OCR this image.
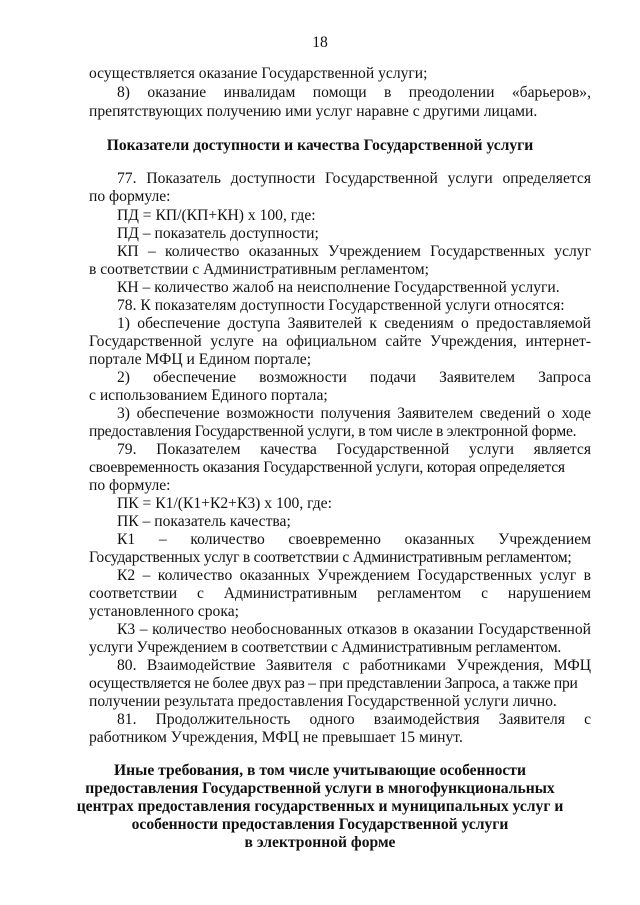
18
осуществляется оказание Государственной услуги;
8) оказание инвалидам помощи в преодолении «барьеров»,
препятствующих получению ими услуг наравне с другими лицами.
Показатели доступности и качества Государственной услуги
77. Показатель доступности Государственной услуги определяется
по формуле:
ПД = КП/(КП+КН) х 100, где:
ПД – показатель доступности;
КП – количество оказанных Учреждением Государственных услуг
в соответствии с Административным регламентом;
КН – количество жалоб на неисполнение Государственной услуги.
78. К показателям доступности Государственной услуги относятся:
1) обеспечение доступа Заявителей к сведениям о предоставляемой
Государственной услуге на официальном сайте Учреждения, интернет-
портале МФЦ и Едином портале;
2) обеспечение возможности подачи Заявителем Запроса
с использованием Единого портала;
3) обеспечение возможности получения Заявителем сведений о ходе
предоставления Государственной услуги, в том числе в электронной форме.
79. Показателем качества Государственной услуги является
своевременность оказания Государственной услуги, которая определяется
по формуле:
ПК = К1/(К1+К2+К3) х 100, где:
ПК – показатель качества;
К1 – количество своевременно оказанных Учреждением
Государственных услуг в соответствии с Административным регламентом;
К2 – количество оказанных Учреждением Государственных услуг в
соответствии с Административным регламентом с нарушением
установленного срока;
К3 – количество необоснованных отказов в оказании Государственной
услуги Учреждением в соответствии с Административным регламентом.
80. Взаимодействие Заявителя с работниками Учреждения, МФЦ
осуществляется не более двух раз – при представлении Запроса, а также при
получении результата предоставления Государственной услуги лично.
81. Продолжительность одного взаимодействия Заявителя с
работником Учреждения, МФЦ не превышает 15 минут.
Иные требования, в том числе учитывающие особенности
предоставления Государственной услуги в многофункциональных
центрах предоставления государственных и муниципальных услуг и
особенности предоставления Государственной услуги
в электронной форме
